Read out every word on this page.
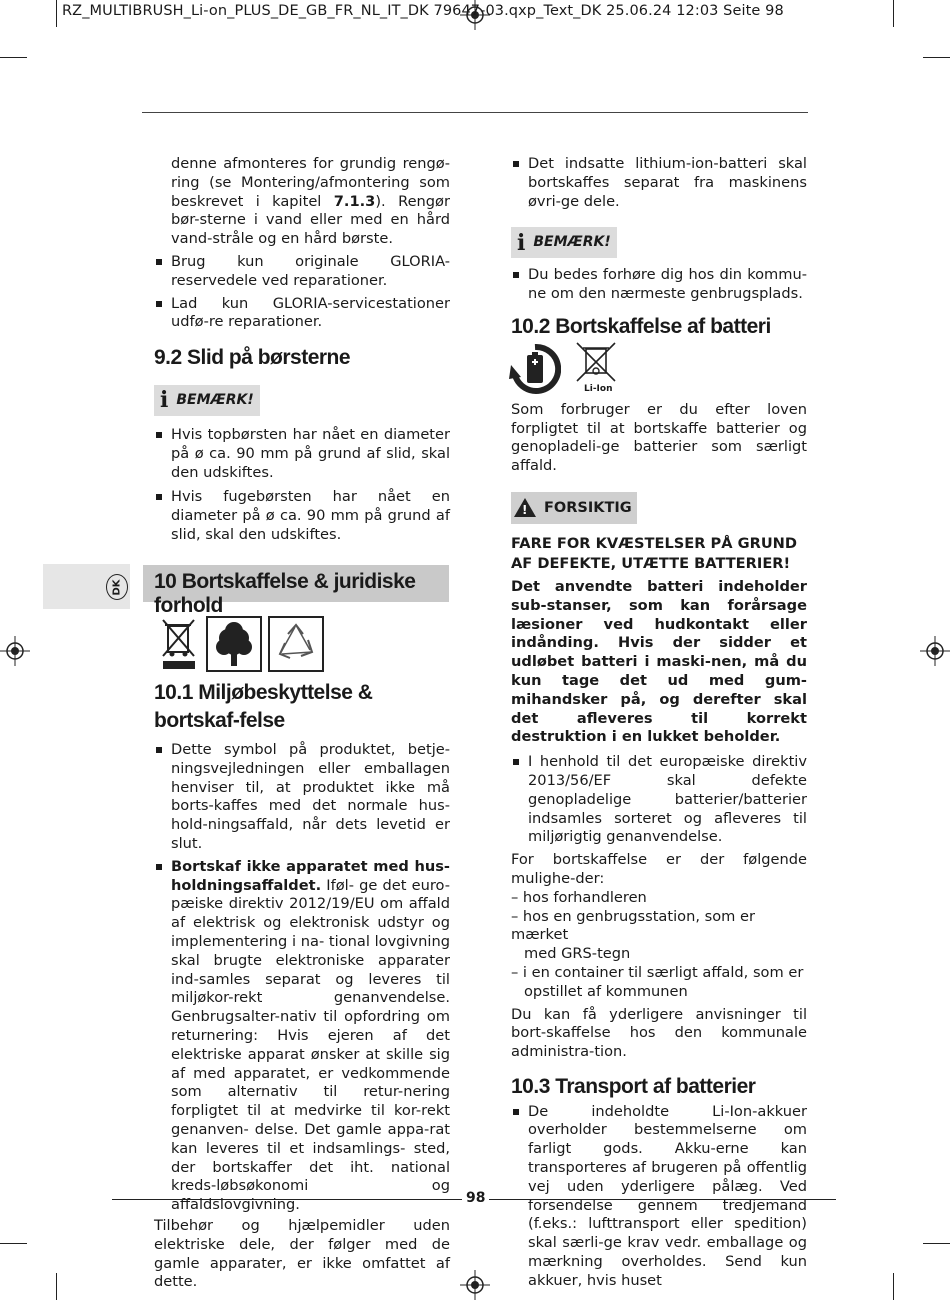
RZ_MULTIBRUSH_Li-on_PLUS_DE_GB_FR_NL_IT_DK 79647-03.qxp_Text_DK 25.06.24 12:03 Seite 98
DK

denne afmonteres for grundig rengø-ring (se Montering/afmontering som beskrevet i kapitel 7.1.3). Rengør bør-sterne i vand eller med en hård vand-stråle og en hård børste.

Brug kun originale GLORIA-reservedele ved reparationer.
Lad kun GLORIA-servicestationer udfø-re reparationer.
9.2 Slid på børsterne
i BEMÆRK!
Hvis topbørsten har nået en diameter på ø ca. 90 mm på grund af slid, skal den udskiftes.
Hvis fugebørsten har nået en diameter på ø ca. 90 mm på grund af slid, skal den udskiftes.
10 Bortskaffelse & juridiske forhold
10.1 Miljøbeskyttelse & bortskaf-felse
Dette symbol på produktet, betje-ningsvejledningen eller emballagen henviser til, at produktet ikke må borts-kaffes med det normale hus- hold-ningsaffald, når dets levetid er slut.
Bortskaf ikke apparatet med hus-holdningsaffaldet. Iføl- ge det euro-pæiske direktiv 2012/19/EU om affald af elektrisk og elektronisk udstyr og implementering i na- tional lovgivning skal brugte elektroniske apparater ind-samles separat og leveres til miljøkor-rekt genanvendelse. Genbrugsalter-nativ til opfordring om returnering: Hvis ejeren af det elektriske apparat ønsker at skille sig af med apparatet, er vedkommende som alternativ til retur-nering forpligtet til at medvirke til kor-rekt genanven- delse. Det gamle appa-rat kan leveres til et indsamlings- sted, der bortskaffer det iht. national kreds-løbsøkonomi og affaldslovgivning.

Tilbehør og hjælpemidler uden elektriske dele, der følger med de gamle apparater, er ikke omfattet af dette.

Det indsatte lithium-ion-batteri skal bortskaffes separat fra maskinens øvri-ge dele.
i BEMÆRK!
Du bedes forhøre dig hos din kommu-ne om den nærmeste genbrugsplads.
10.2 Bortskaffelse af batteri
Li-Ion

Som forbruger er du efter loven forpligtet til at bortskaffe batterier og genopladeli-ge batterier som særligt affald.

!
FORSIKTIG

FARE FOR KVÆSTELSER PÅ GRUND AF DEFEKTE, UTÆTTE BATTERIER!

Det anvendte batteri indeholder sub-stanser, som kan forårsage læsioner ved hudkontakt eller indånding. Hvis der sidder et udløbet batteri i maski-nen, må du kun tage det ud med gum-mihandsker på, og derefter skal det afleveres til korrekt destruktion i en lukket beholder.

I henhold til det europæiske direktiv 2013/56/EF skal defekte genopladelige batterier/batterier indsamles sorteret og afleveres til miljørigtig genanvendelse.

For bortskaffelse er der følgende mulighe-der:

– hos forhandleren
– hos en genbrugsstation, som er mærket
med GRS-tegn
– i en container til særligt affald, som er
opstillet af kommunen

Du kan få yderligere anvisninger til bort-skaffelse hos den kommunale administra-tion.

10.3 Transport af batterier
De indeholdte Li-Ion-akkuer overholder bestemmelserne om farligt gods. Akku-erne kan transporteres af brugeren på offentlig vej uden yderligere pålæg. Ved forsendelse gennem tredjemand (f.eks.: lufttransport eller spedition) skal særli-ge krav vedr. emballage og mærkning overholdes. Send kun akkuer, hvis huset
98
